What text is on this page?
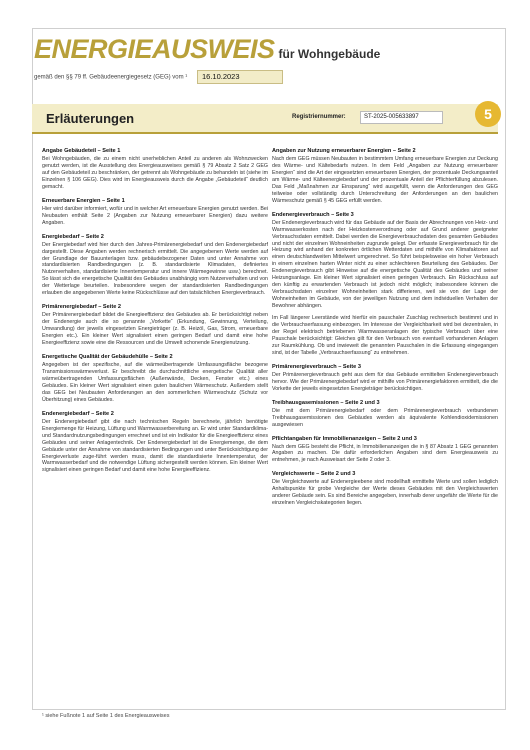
ENERGIEAUSWEIS für Wohngebäude
gemäß den §§ 79 ff. Gebäudeenergiegesetz (GEG) vom ¹ 16.10.2023
Erläuterungen	Registriernummer:	ST-2025-005633897	5
Angabe Gebäudeteil – Seite 1

Bei Wohngebäuden, die zu einem nicht unerheblichen Anteil zu anderen als Wohnzwecken genutzt werden, ist die Ausstellung des Energieausweises gemäß § 79 Absatz 2 Satz 2 GEG auf den Gebäudeteil zu beschränken, der getrennt als Wohngebäude zu behandeln ist (siehe im Einzelnen § 106 GEG). Dies wird im Energieausweis durch die Angabe „Gebäudeteil“ deutlich gemacht.

Erneuerbare Energien – Seite 1

Hier wird darüber informiert, wofür und in welcher Art erneuerbare Energien genutzt werden. Bei Neubauten enthält Seite 2 (Angaben zur Nutzung erneuerbarer Energien) dazu weitere Angaben.

Energiebedarf – Seite 2

Der Energiebedarf wird hier durch den Jahres-Primärenergiebedarf und den Endenergiebedarf dargestellt. Diese Angaben werden rechnerisch ermittelt. Die angegebenen Werte werden auf der Grundlage der Bauunterlagen bzw. gebäudebezogener Daten und unter Annahme von standardisierten Randbedingungen (z. B. standardisierte Klimadaten, definiertes Nutzerverhalten, standardisierte Innentemperatur und innere Wärmegewinne usw.) berechnet. So lässt sich die energetische Qualität des Gebäudes unabhängig vom Nutzerverhalten und von der Wetterlage beurteilen. Insbesondere wegen der standardisierten Randbedingungen erlauben die angegebenen Werte keine Rückschlüsse auf den tatsächlichen Energieverbrauch.

Primärenergiebedarf – Seite 2

Der Primärenergiebedarf bildet die Energieeffizienz des Gebäudes ab. Er berücksichtigt neben der Endenergie auch die so genannte „Vorkette“ (Erkundung, Gewinnung, Verteilung, Umwandlung) der jeweils eingesetzten Energieträger (z. B. Heizöl, Gas, Strom, erneuerbare Energien etc.). Ein kleiner Wert signalisiert einen geringen Bedarf und damit eine hohe Energieeffizienz sowie eine die Ressourcen und die Umwelt schonende Energienutzung.

Energetische Qualität der Gebäudehülle – Seite 2

Angegeben ist der spezifische, auf die wärmeübertragende Umfassungsfläche bezogene Transmissionswärmeverlust. Er beschreibt die durchschnittliche energetische Qualität aller wärmeübertragenden Umfassungsflächen (Außenwände, Decken, Fenster etc.) eines Gebäudes. Ein kleiner Wert signalisiert einen guten baulichen Wärmeschutz. Außerdem stellt das GEG bei Neubauten Anforderungen an den sommerlichen Wärmeschutz (Schutz vor Überhitzung) eines Gebäudes.

Endenergiebedarf – Seite 2

Der Endenergiebedarf gibt die nach technischen Regeln berechnete, jährlich benötigte Energiemenge für Heizung, Lüftung und Warmwasserbereitung an. Er wird unter Standardklima- und Standardnutzungsbedingungen errechnet und ist ein Indikator für die Energieeffizienz eines Gebäudes und seiner Anlagentechnik. Der Endenergiebedarf ist die Energiemenge, die dem Gebäude unter der Annahme von standardisierten Bedingungen und unter Berücksichtigung der Energieverluste zuge-führt werden muss, damit die standardisierte Innentemperatur, der Warmwasserbedarf und die notwendige Lüftung sichergestellt werden können. Ein kleiner Wert signalisiert einen geringen Bedarf und damit eine hohe Energieeffizienz.

Angaben zur Nutzung erneuerbarer Energien – Seite 2

Nach dem GEG müssen Neubauten in bestimmtem Umfang erneuerbare Energien zur Deckung des Wärme- und Kältebedarfs nutzen. In dem Feld „Angaben zur Nutzung erneuerbarer Energien“ sind die Art der eingesetzten erneuerbaren Energien, der prozentuale Deckungsanteil am Wärme- und Kälteenergiebedarf und der prozentuale Anteil der Pflichterfüllung abzulesen. Das Feld „Maßnahmen zur Einsparung“ wird ausgefüllt, wenn die Anforderungen des GEG teilweise oder vollständig durch Unterschreitung der Anforderungen an den baulichen Wärmeschutz gemäß § 45 GEG erfüllt werden.

Endenergieverbrauch – Seite 3

Der Endenergieverbrauch wird für das Gebäude auf der Basis der Abrechnungen von Heiz- und Warmwasserkosten nach der Heizkostenverordnung oder auf Grund anderer geeigneter Verbrauchsdaten ermittelt. Dabei werden die Energieverbrauchsdaten des gesamten Gebäudes und nicht der einzelnen Wohneinheiten zugrunde gelegt. Der erfasste Energieverbrauch für die Heizung wird anhand der konkreten örtlichen Wetterdaten und mithilfe von Klimafaktoren auf einen deutschlandweiten Mittelwert umgerechnet. So führt beispielsweise ein hoher Verbrauch in einem einzelnen harten Winter nicht zu einer schlechteren Beurteilung des Gebäudes. Der Endenergieverbrauch gibt Hinweise auf die energetische Qualität des Gebäudes und seiner Heizungsanlage. Ein kleiner Wert signalisiert einen geringen Verbrauch. Ein Rückschluss auf den künftig zu erwartenden Verbrauch ist jedoch nicht möglich; insbesondere können die Verbrauchsdaten einzelner Wohneinheiten stark differieren, weil sie von der Lage der Wohneinheiten im Gebäude, von der jeweiligen Nutzung und dem individuellen Verhalten der Bewohner abhängen.

Im Fall längerer Leerstände wird hierfür ein pauschaler Zuschlag rechnerisch bestimmt und in die Verbrauchserfassung einbezogen. Im Interesse der Vergleichbarkeit wird bei dezentralen, in der Regel elektrisch betriebenen Warmwasseranlagen der typische Verbrauch über eine Pauschale berücksichtigt: Gleiches gilt für den Verbrauch von eventuell vorhandenen Anlagen zur Raumkühlung. Ob und inwieweit die genannten Pauschalen in die Erfassung eingegangen sind, ist der Tabelle „Verbrauchserfassung“ zu entnehmen.

Primärenergieverbrauch – Seite 3

Der Primärenergieverbrauch geht aus dem für das Gebäude ermittelten Endenergieverbrauch hervor. Wie der Primärenergiebedarf wird er mithilfe von Primärenergiefaktoren ermittelt, die die Vorkette der jeweils eingesetzten Energieträger berücksichtigen.

Treibhausgasemissionen – Seite 2 und 3

Die mit dem Primärenergiebedarf oder dem Primärenergieverbrauch verbundenen Treibhausgasemissionen des Gebäudes werden als äquivalente Kohlendioxidemissionen ausgewiesen

Pflichtangaben für Immobilienanzeigen – Seite 2 und 3

Nach dem GEG besteht die Pflicht, in Immobilienanzeigen die in § 87 Absatz 1 GEG genannten Angaben zu machen. Die dafür erforderlichen Angaben sind dem Energieausweis zu entnehmen, je nach Ausweisart der Seite 2 oder 3.

Vergleichswerte – Seite 2 und 3

Die Vergleichswerte auf Endenergieebene sind modellhaft ermittelte Werte und sollen lediglich Anhaltspunkte für grobe Vergleiche der Werte dieses Gebäudes mit den Vergleichswerten anderer Gebäude sein. Es sind Bereiche angegeben, innerhalb derer ungefähr die Werte für die einzelnen Vergleichskategorien liegen.

¹ siehe Fußnote 1 auf Seite 1 des Energieausweises
